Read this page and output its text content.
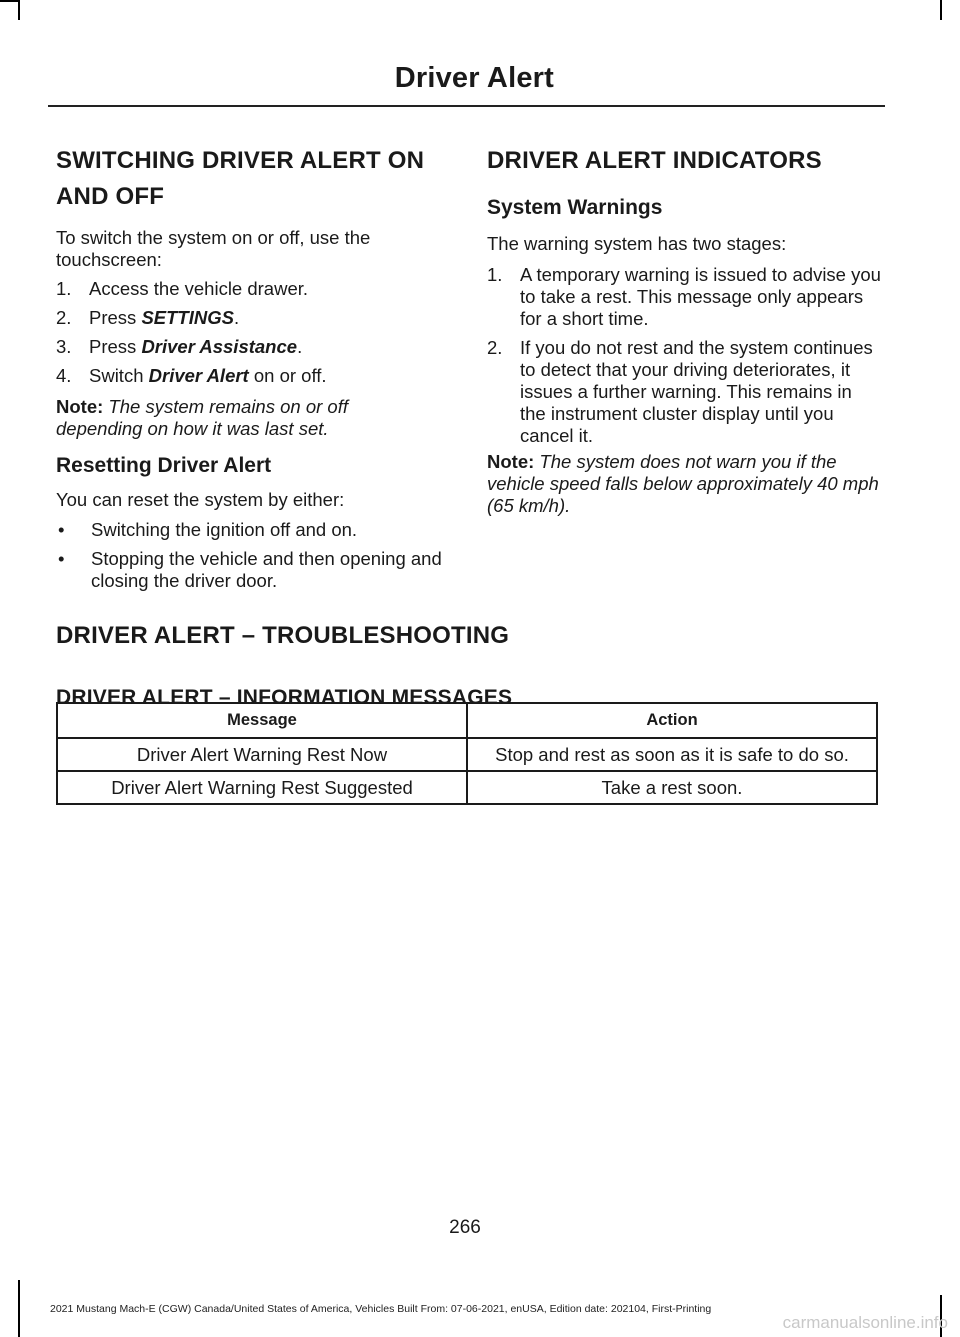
Driver Alert
SWITCHING DRIVER ALERT ON
AND OFF

To switch the system on or off, use the touchscreen:

1. Access the vehicle drawer.
2. Press SETTINGS.
3. Press Driver Assistance.
4. Switch Driver Alert on or off.

Note: The system remains on or off depending on how it was last set.

Resetting Driver Alert

You can reset the system by either:

•	Switching the ignition off and on.
•	Stopping the vehicle and then opening and closing the driver door.
DRIVER ALERT INDICATORS
System Warnings

The warning system has two stages:

1. A temporary warning is issued to advise you to take a rest. This message only appears for a short time.
2. If you do not rest and the system continues to detect that your driving deteriorates, it issues a further warning. This remains in the instrument cluster display until you cancel it.

Note: The system does not warn you if the vehicle speed falls below approximately 40 mph (65 km/h).

DRIVER ALERT – TROUBLESHOOTING
DRIVER ALERT – INFORMATION MESSAGES
Message	Action
Driver Alert Warning Rest Now	Stop and rest as soon as it is safe to do so.
Driver Alert Warning Rest Suggested	Take a rest soon.
266
2021 Mustang Mach-E (CGW) Canada/United States of America, Vehicles Built From: 07-06-2021, enUSA, Edition date: 202104, First-Printing
carmanualsonline.info
